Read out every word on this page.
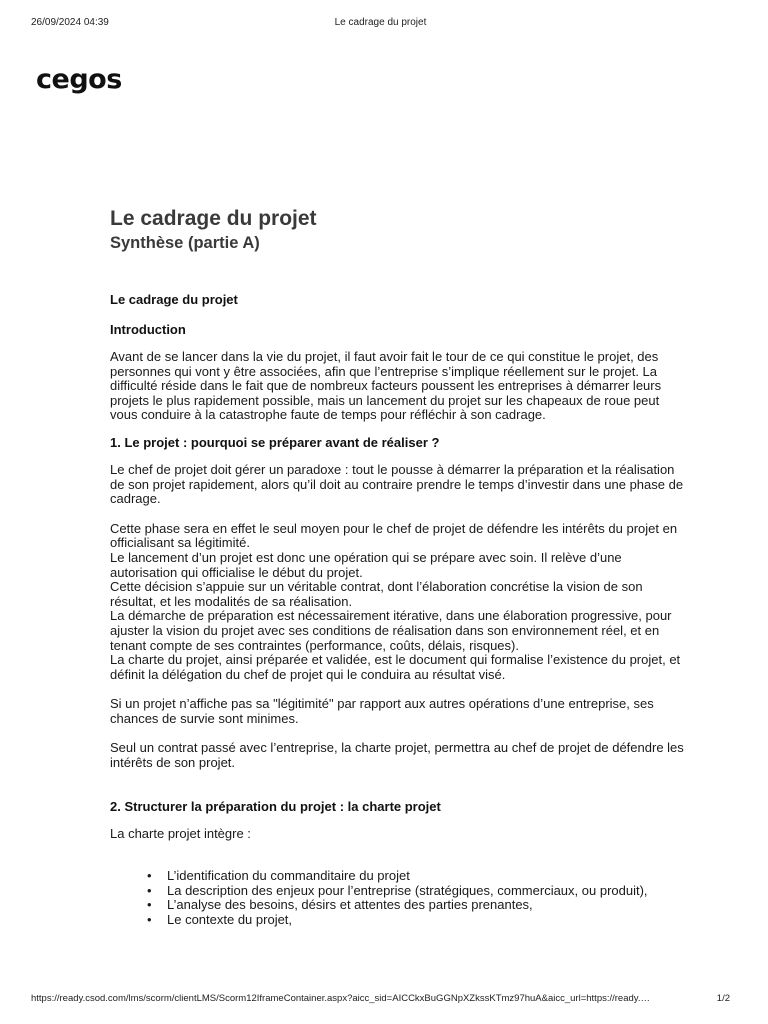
26/09/2024 04:39	Le cadrage du projet
cegos
Le cadrage du projet
Synthèse (partie A)

Le cadrage du projet

Introduction

Avant de se lancer dans la vie du projet, il faut avoir fait le tour de ce qui constitue le projet, des personnes qui vont y être associées, afin que l’entreprise s’implique réellement sur le projet. La difficulté réside dans le fait que de nombreux facteurs poussent les entreprises à démarrer leurs projets le plus rapidement possible, mais un lancement du projet sur les chapeaux de roue peut vous conduire à la catastrophe faute de temps pour réfléchir à son cadrage.

1. Le projet : pourquoi se préparer avant de réaliser ?

Le chef de projet doit gérer un paradoxe : tout le pousse à démarrer la préparation et la réalisation de son projet rapidement, alors qu’il doit au contraire prendre le temps d’investir dans une phase de cadrage.

Cette phase sera en effet le seul moyen pour le chef de projet de défendre les intérêts du projet en officialisant sa légitimité.

Le lancement d’un projet est donc une opération qui se prépare avec soin. Il relève d’une autorisation qui officialise le début du projet.

Cette décision s’appuie sur un véritable contrat, dont l’élaboration concrétise la vision de son résultat, et les modalités de sa réalisation.

La démarche de préparation est nécessairement itérative, dans une élaboration progressive, pour ajuster la vision du projet avec ses conditions de réalisation dans son environnement réel, et en tenant compte de ses contraintes (performance, coûts, délais, risques).

La charte du projet, ainsi préparée et validée, est le document qui formalise l’existence du projet, et définit la délégation du chef de projet qui le conduira au résultat visé.

Si un projet n’affiche pas sa "légitimité" par rapport aux autres opérations d’une entreprise, ses chances de survie sont minimes.

Seul un contrat passé avec l’entreprise, la charte projet, permettra au chef de projet de défendre les intérêts de son projet.

2. Structurer la préparation du projet : la charte projet

La charte projet intègre :

• L’identification du commanditaire du projet
• La description des enjeux pour l’entreprise (stratégiques, commerciaux, ou produit),
• L’analyse des besoins, désirs et attentes des parties prenantes,
• Le contexte du projet,
https://ready.csod.com/lms/scorm/clientLMS/Scorm12IframeContainer.aspx?aicc_sid=AICCkxBuGGNpXZkssKTmz97huA&aicc_url=https://ready.…	1/2
